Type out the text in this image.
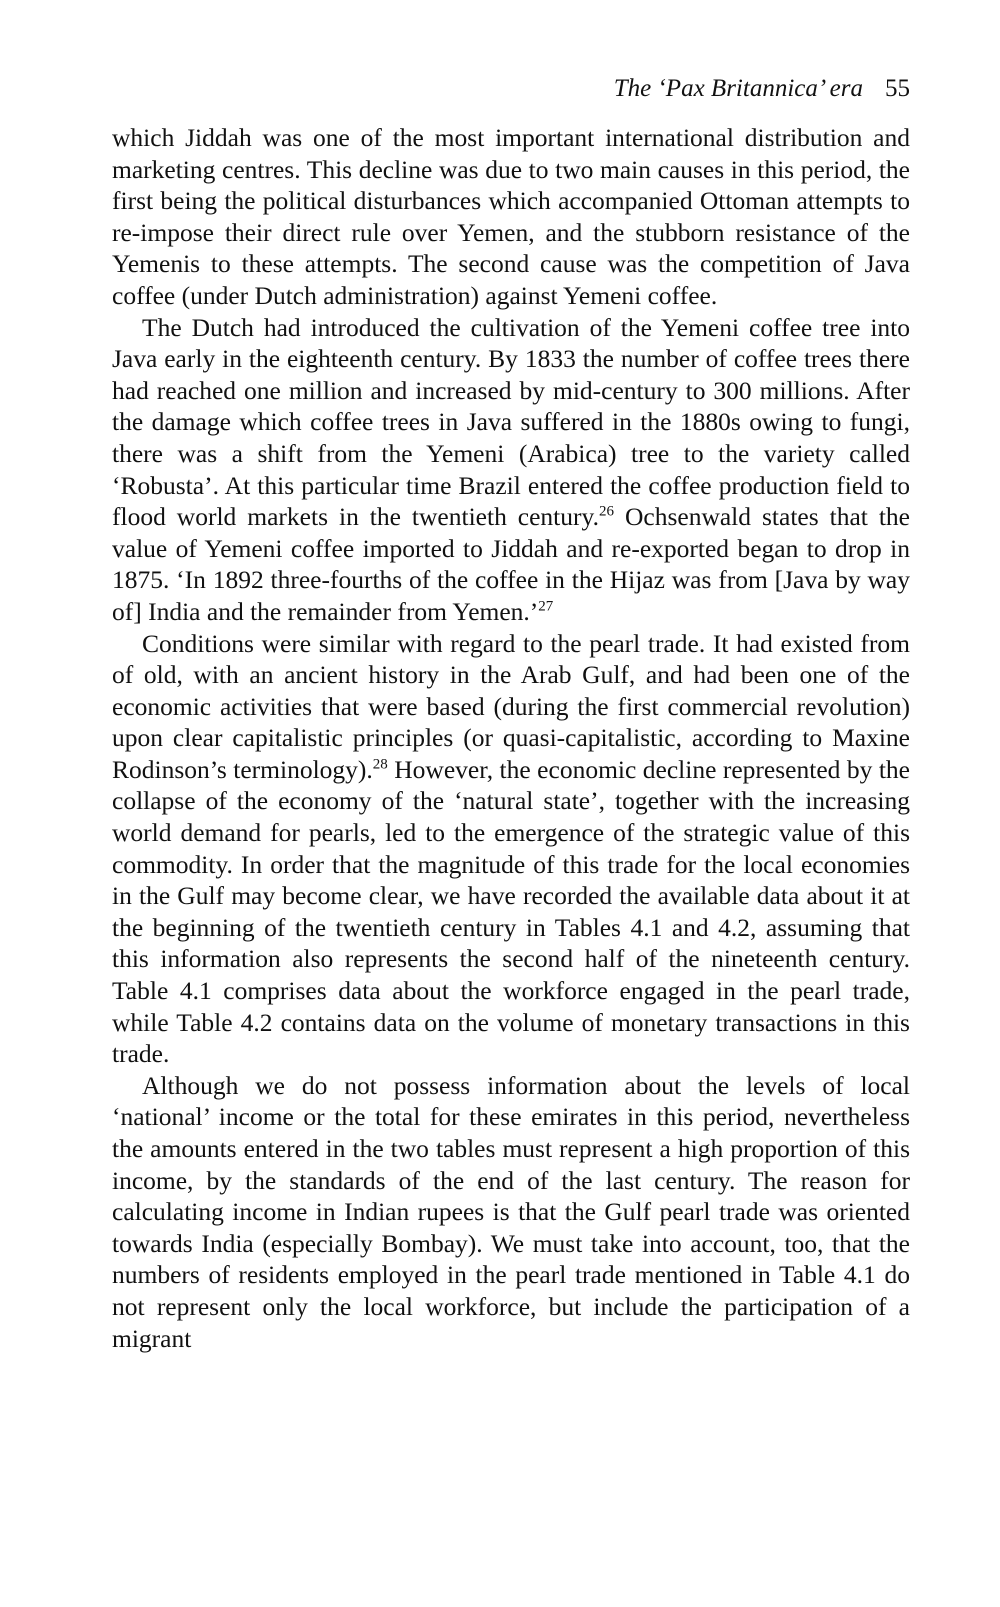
The ‘Pax Britannica’ era 55

which Jiddah was one of the most important international distribution and marketing centres. This decline was due to two main causes in this period, the first being the political disturbances which accompanied Ottoman attempts to re-impose their direct rule over Yemen, and the stubborn resistance of the Yemenis to these attempts. The second cause was the competition of Java coffee (under Dutch administration) against Yemeni coffee.

The Dutch had introduced the cultivation of the Yemeni coffee tree into Java early in the eighteenth century. By 1833 the number of coffee trees there had reached one million and increased by mid-century to 300 millions. After the damage which coffee trees in Java suffered in the 1880s owing to fungi, there was a shift from the Yemeni (Arabica) tree to the variety called ‘Robusta’. At this particular time Brazil entered the coffee production field to flood world markets in the twentieth century.$^{26}$ Ochsenwald states that the value of Yemeni coffee imported to Jiddah and re-exported began to drop in 1875. ‘In 1892 three-fourths of the coffee in the Hijaz was from [Java by way of] India and the remainder from Yemen.’$^{27}$

Conditions were similar with regard to the pearl trade. It had existed from of old, with an ancient history in the Arab Gulf, and had been one of the economic activities that were based (during the first commercial revolution) upon clear capitalistic principles (or quasi-capitalistic, according to Maxine Rodinson’s terminology).$^{28}$ However, the economic decline represented by the collapse of the economy of the ‘natural state’, together with the increasing world demand for pearls, led to the emergence of the strategic value of this commodity. In order that the magnitude of this trade for the local economies in the Gulf may become clear, we have recorded the available data about it at the beginning of the twentieth century in Tables 4.1 and 4.2, assuming that this information also represents the second half of the nineteenth century. Table 4.1 comprises data about the workforce engaged in the pearl trade, while Table 4.2 contains data on the volume of monetary transactions in this trade.

Although we do not possess information about the levels of local ‘national’ income or the total for these emirates in this period, nevertheless the amounts entered in the two tables must represent a high proportion of this income, by the standards of the end of the last century. The reason for calculating income in Indian rupees is that the Gulf pearl trade was oriented towards India (especially Bombay). We must take into account, too, that the numbers of residents employed in the pearl trade mentioned in Table 4.1 do not represent only the local workforce, but include the participation of a migrant
